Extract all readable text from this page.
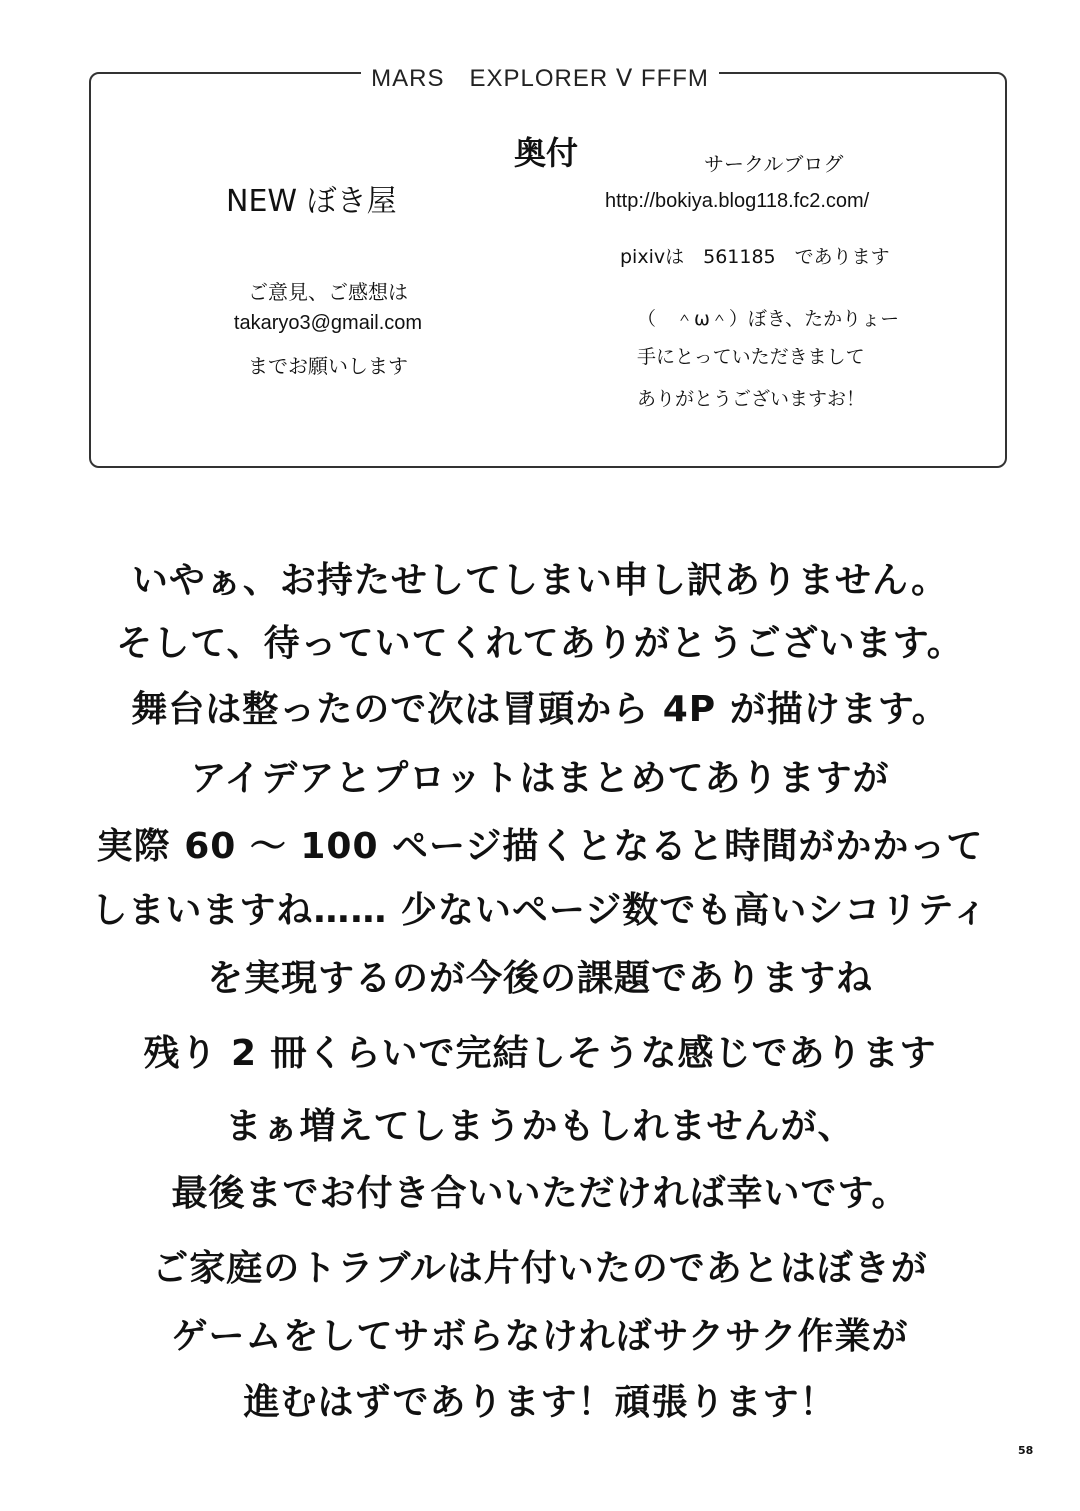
MARS　EXPLORER Ⅴ FFFM
奥付
NEW ぼき屋
サークルブログ
http://bokiya.blog118.fc2.com/
pixivは　561185　であります
ご意見、ご感想は
takaryo3@gmail.com
までお願いします
（　＾ω＾）ぼき、たかりょー
手にとっていただきまして
ありがとうございますお！
いやぁ、お持たせしてしまい申し訳ありません。
そして、待っていてくれてありがとうございます。
舞台は整ったので次は冒頭から 4P が描けます。
アイデアとプロットはまとめてありますが
実際 60 ～ 100 ページ描くとなると時間がかかって
しまいますね…… 少ないページ数でも高いシコリティ
を実現するのが今後の課題でありますね
残り 2 冊くらいで完結しそうな感じであります
まぁ増えてしまうかもしれませんが、
最後までお付き合いいただければ幸いです。
ご家庭のトラブルは片付いたのであとはぼきが
ゲームをしてサボらなければサクサク作業が
進むはずであります！頑張ります！
58
